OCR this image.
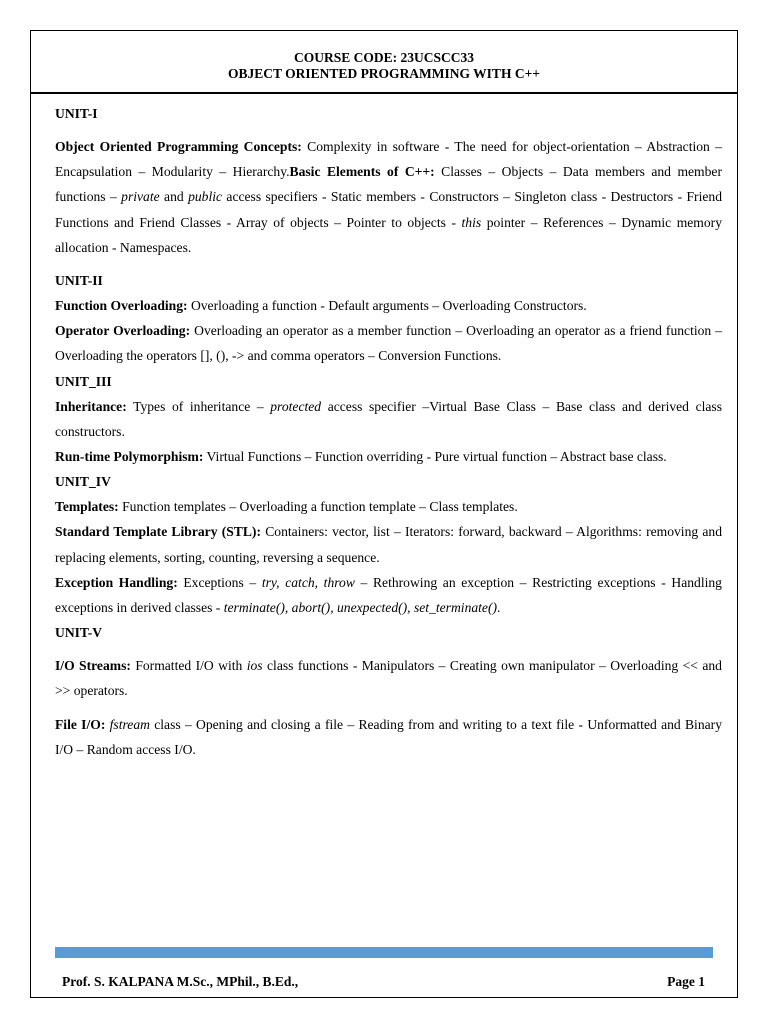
COURSE CODE: 23UCSCC33
OBJECT ORIENTED PROGRAMMING WITH C++

UNIT-I

Object Oriented Programming Concepts: Complexity in software - The need for object-orientation – Abstraction – Encapsulation – Modularity – Hierarchy.Basic Elements of C++: Classes – Objects – Data members and member functions – private and public access specifiers - Static members - Constructors – Singleton class - Destructors - Friend Functions and Friend Classes - Array of objects – Pointer to objects - this pointer – References – Dynamic memory allocation - Namespaces.

UNIT-II

Function Overloading: Overloading a function - Default arguments – Overloading Constructors.

Operator Overloading: Overloading an operator as a member function – Overloading an operator as a friend function – Overloading the operators [], (), -> and comma operators – Conversion Functions.

UNIT_III

Inheritance: Types of inheritance – protected access specifier –Virtual Base Class – Base class and derived class constructors.

Run-time Polymorphism: Virtual Functions – Function overriding - Pure virtual function – Abstract base class.

UNIT_IV

Templates: Function templates – Overloading a function template – Class templates.

Standard Template Library (STL): Containers: vector, list – Iterators: forward, backward – Algorithms: removing and replacing elements, sorting, counting, reversing a sequence.

Exception Handling: Exceptions – try, catch, throw – Rethrowing an exception – Restricting exceptions - Handling exceptions in derived classes - terminate(), abort(), unexpected(), set_terminate().

UNIT-V

I/O Streams: Formatted I/O with ios class functions - Manipulators – Creating own manipulator – Overloading << and >> operators.

File I/O: fstream class – Opening and closing a file – Reading from and writing to a text file - Unformatted and Binary I/O – Random access I/O.

Prof. S. KALPANA M.Sc., MPhil., B.Ed.,	Page 1
